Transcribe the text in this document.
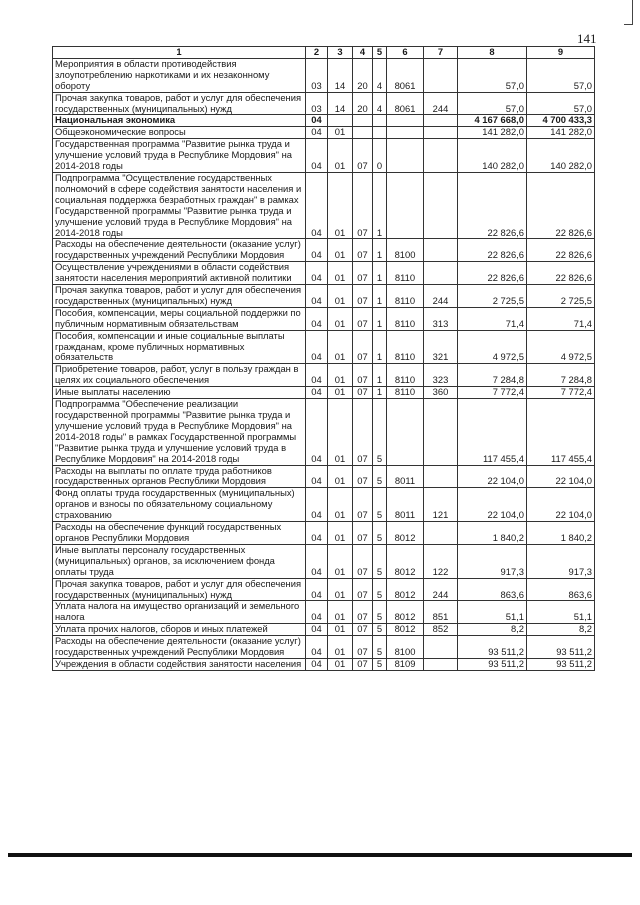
141
1	2	3	4	5	6	7	8	9
Мероприятия в области противодействия злоупотреблению наркотиками и их незаконному обороту	03	14	20	4	8061		57,0	57,0
Прочая закупка товаров, работ и услуг для обеспечения государственных (муниципальных) нужд	03	14	20	4	8061	244	57,0	57,0
Национальная экономика	04						4 167 668,0	4 700 433,3
Общеэкономические вопросы	04	01					141 282,0	141 282,0
Государственная программа "Развитие рынка труда и улучшение условий труда в Республике Мордовия" на 2014-2018 годы	04	01	07	0			140 282,0	140 282,0
Подпрограмма "Осуществление государственных полномочий в сфере содействия занятости населения и социальная поддержка безработных граждан" в рамках Государственной программы "Развитие рынка труда и улучшение условий труда в Республике Мордовия" на 2014-2018 годы	04	01	07	1			22 826,6	22 826,6
Расходы на обеспечение деятельности (оказание услуг) государственных учреждений Республики Мордовия	04	01	07	1	8100		22 826,6	22 826,6
Осуществление учреждениями в области содействия занятости населения мероприятий активной политики	04	01	07	1	8110		22 826,6	22 826,6
Прочая закупка товаров, работ и услуг для обеспечения государственных (муниципальных) нужд	04	01	07	1	8110	244	2 725,5	2 725,5
Пособия, компенсации, меры социальной поддержки по публичным нормативным обязательствам	04	01	07	1	8110	313	71,4	71,4
Пособия, компенсации и иные социальные выплаты гражданам, кроме публичных нормативных обязательств	04	01	07	1	8110	321	4 972,5	4 972,5
Приобретение товаров, работ, услуг в пользу граждан в целях их социального обеспечения	04	01	07	1	8110	323	7 284,8	7 284,8
Иные выплаты населению	04	01	07	1	8110	360	7 772,4	7 772,4
Подпрограмма "Обеспечение реализации государственной программы "Развитие рынка труда и улучшение условий труда в Республике Мордовия" на 2014-2018 годы" в рамках Государственной программы "Развитие рынка труда и улучшение условий труда в Республике Мордовия" на 2014-2018 годы	04	01	07	5			117 455,4	117 455,4
Расходы на выплаты по оплате труда работников государственных органов Республики Мордовия	04	01	07	5	8011		22 104,0	22 104,0
Фонд оплаты труда государственных (муниципальных) органов и взносы по обязательному социальному страхованию	04	01	07	5	8011	121	22 104,0	22 104,0
Расходы на обеспечение функций государственных органов Республики Мордовия	04	01	07	5	8012		1 840,2	1 840,2
Иные выплаты персоналу государственных (муниципальных) органов, за исключением фонда оплаты труда	04	01	07	5	8012	122	917,3	917,3
Прочая закупка товаров, работ и услуг для обеспечения государственных (муниципальных) нужд	04	01	07	5	8012	244	863,6	863,6
Уплата налога на имущество организаций и земельного налога	04	01	07	5	8012	851	51,1	51,1
Уплата прочих налогов, сборов и иных платежей	04	01	07	5	8012	852	8,2	8,2
Расходы на обеспечение деятельности (оказание услуг) государственных учреждений Республики Мордовия	04	01	07	5	8100		93 511,2	93 511,2
Учреждения в области содействия занятости населения	04	01	07	5	8109		93 511,2	93 511,2
